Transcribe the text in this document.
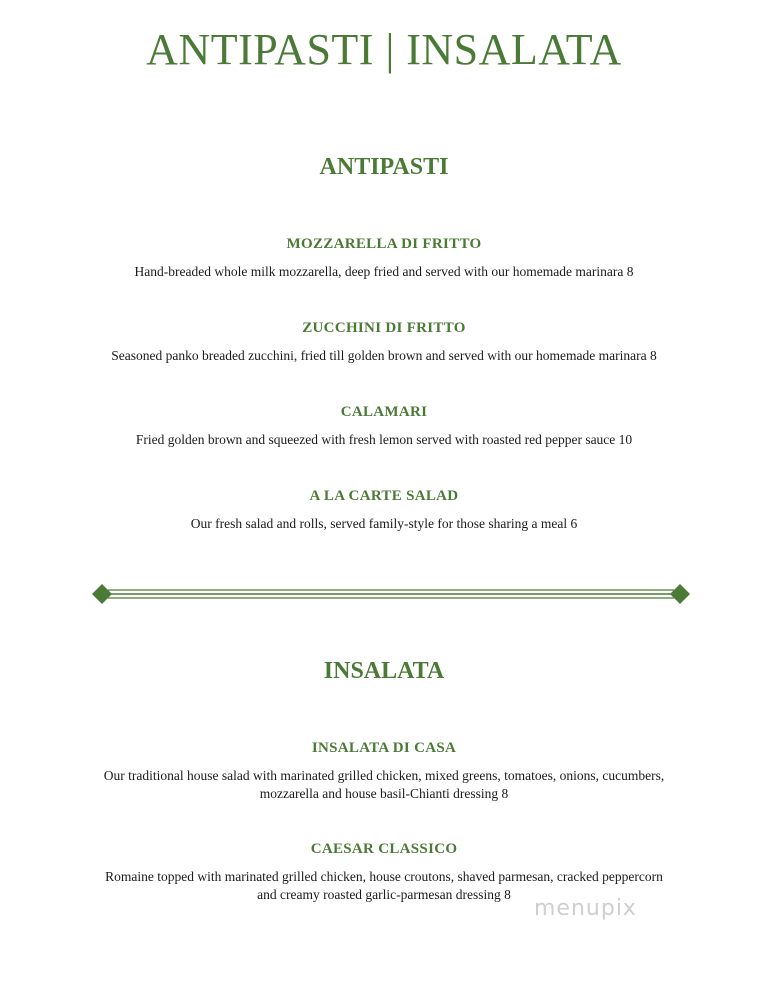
ANTIPASTI | INSALATA
ANTIPASTI
MOZZARELLA DI FRITTO
Hand-breaded whole milk mozzarella, deep fried and served with our homemade marinara 8
ZUCCHINI DI FRITTO
Seasoned panko breaded zucchini, fried till golden brown and served with our homemade marinara 8
CALAMARI
Fried golden brown and squeezed with fresh lemon served with roasted red pepper sauce 10
A LA CARTE SALAD
Our fresh salad and rolls, served family-style for those sharing a meal 6
INSALATA
INSALATA DI CASA
Our traditional house salad with marinated grilled chicken, mixed greens, tomatoes, onions, cucumbers,
mozzarella and house basil-Chianti dressing 8
CAESAR CLASSICO
Romaine topped with marinated grilled chicken, house croutons, shaved parmesan, cracked peppercorn
and creamy roasted garlic-parmesan dressing 8
menupix
